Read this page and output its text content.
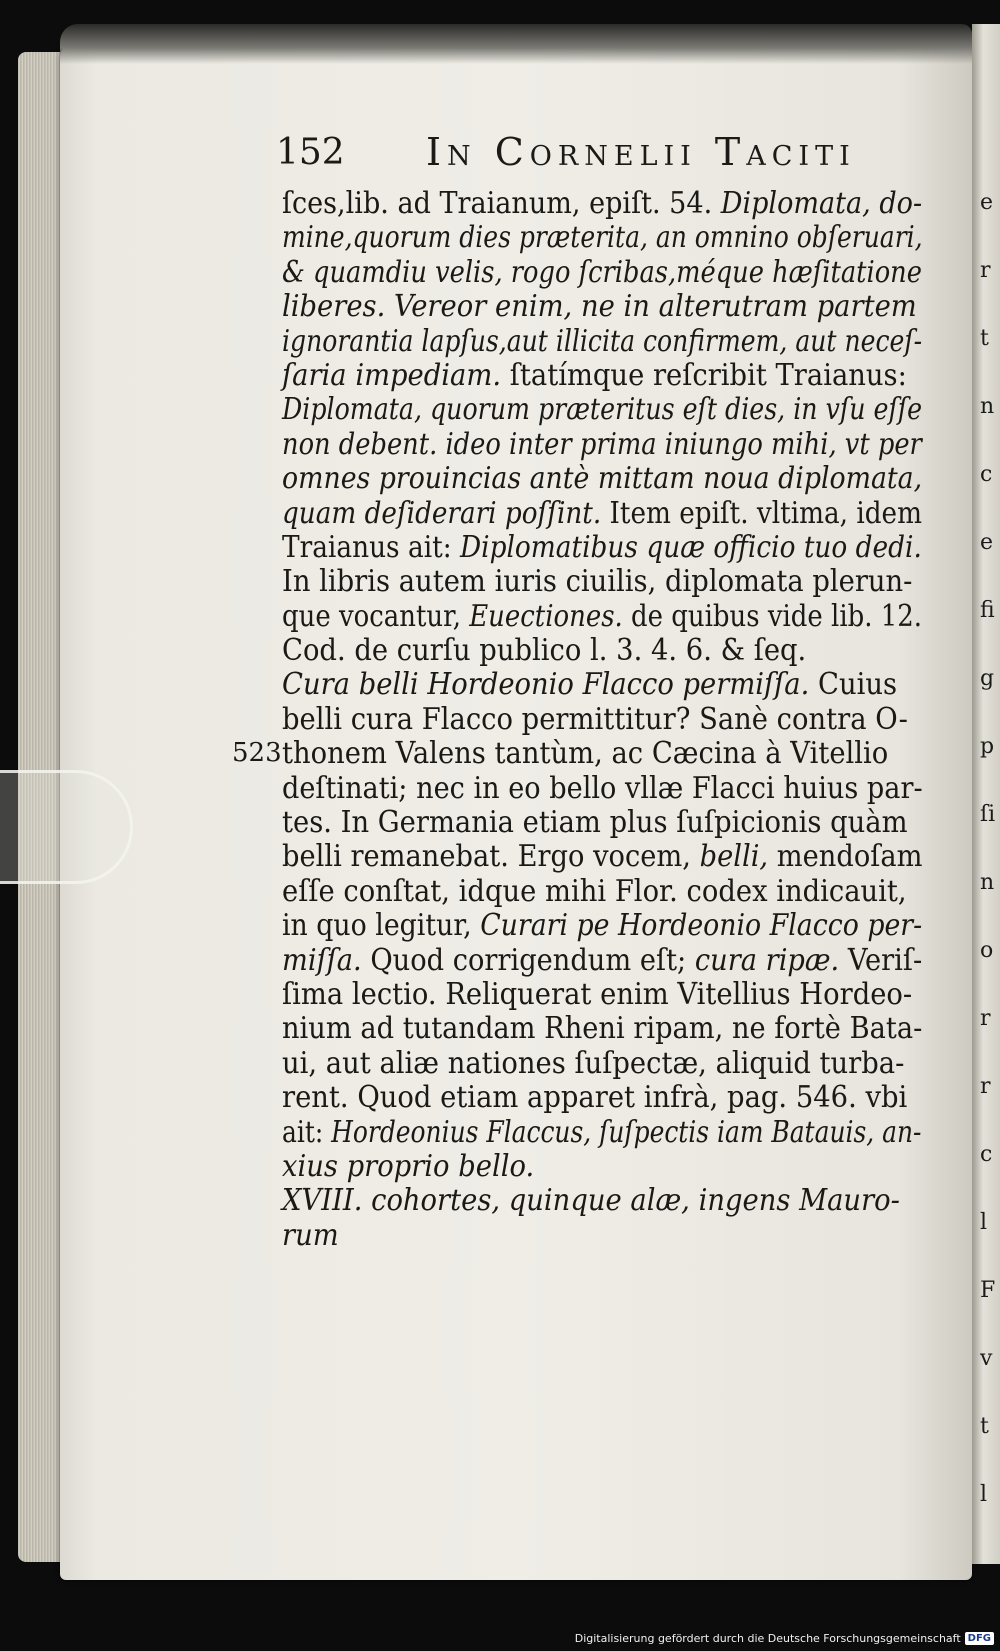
e
r
t
n
c
e
fi
g
p
ſi
n
o
r
r
c
l
F
v
t
l
152 In Cornelii Taciti
523
ſces,lib. ad Traianum, epiſt. 54. Diplomata, do-
mine,quorum dies præterita, an omnino obſeruari,
& quamdiu velis, rogo ſcribas,méque hæſitatione
liberes. Vereor enim, ne in alterutram partem
ignorantia lapſus,aut illicita confirmem, aut neceſ-
ſaria impediam. ſtatímque reſcribit Traianus:
Diplomata, quorum præteritus eſt dies, in vſu eſſe
non debent. ideo inter prima iniungo mihi, vt per
omnes prouincias antè mittam noua diplomata,
quam deſiderari poſſint. Item epiſt. vltima, idem
Traianus ait: Diplomatibus quæ officio tuo dedi.
In libris autem iuris ciuilis, diplomata plerun-
que vocantur, Euectiones. de quibus vide lib. 12.
Cod. de curſu publico l. 3. 4. 6. & ſeq.
Cura belli Hordeonio Flacco permiſſa. Cuius
belli cura Flacco permittitur? Sanè contra O-
thonem Valens tantùm, ac Cæcina à Vitellio
deſtinati; nec in eo bello vllæ Flacci huius par-
tes. In Germania etiam plus ſuſpicionis quàm
belli remanebat. Ergo vocem, belli, mendoſam
eſſe conſtat, idque mihi Flor. codex indicauit,
in quo legitur, Curari pe Hordeonio Flacco per-
miſſa. Quod corrigendum eſt; cura ripæ. Veriſ-
ſima lectio. Reliquerat enim Vitellius Hordeo-
nium ad tutandam Rheni ripam, ne fortè Bata-
ui, aut aliæ nationes ſuſpectæ, aliquid turba-
rent. Quod etiam apparet infrà, pag. 546. vbi
ait: Hordeonius Flaccus, ſuſpectis iam Batauis, an-
xius proprio bello.
XVIII. cohortes, quinque alæ, ingens Mauro-
rum
Digitalisierung gefördert durch die Deutsche Forschungsgemeinschaft DFG
